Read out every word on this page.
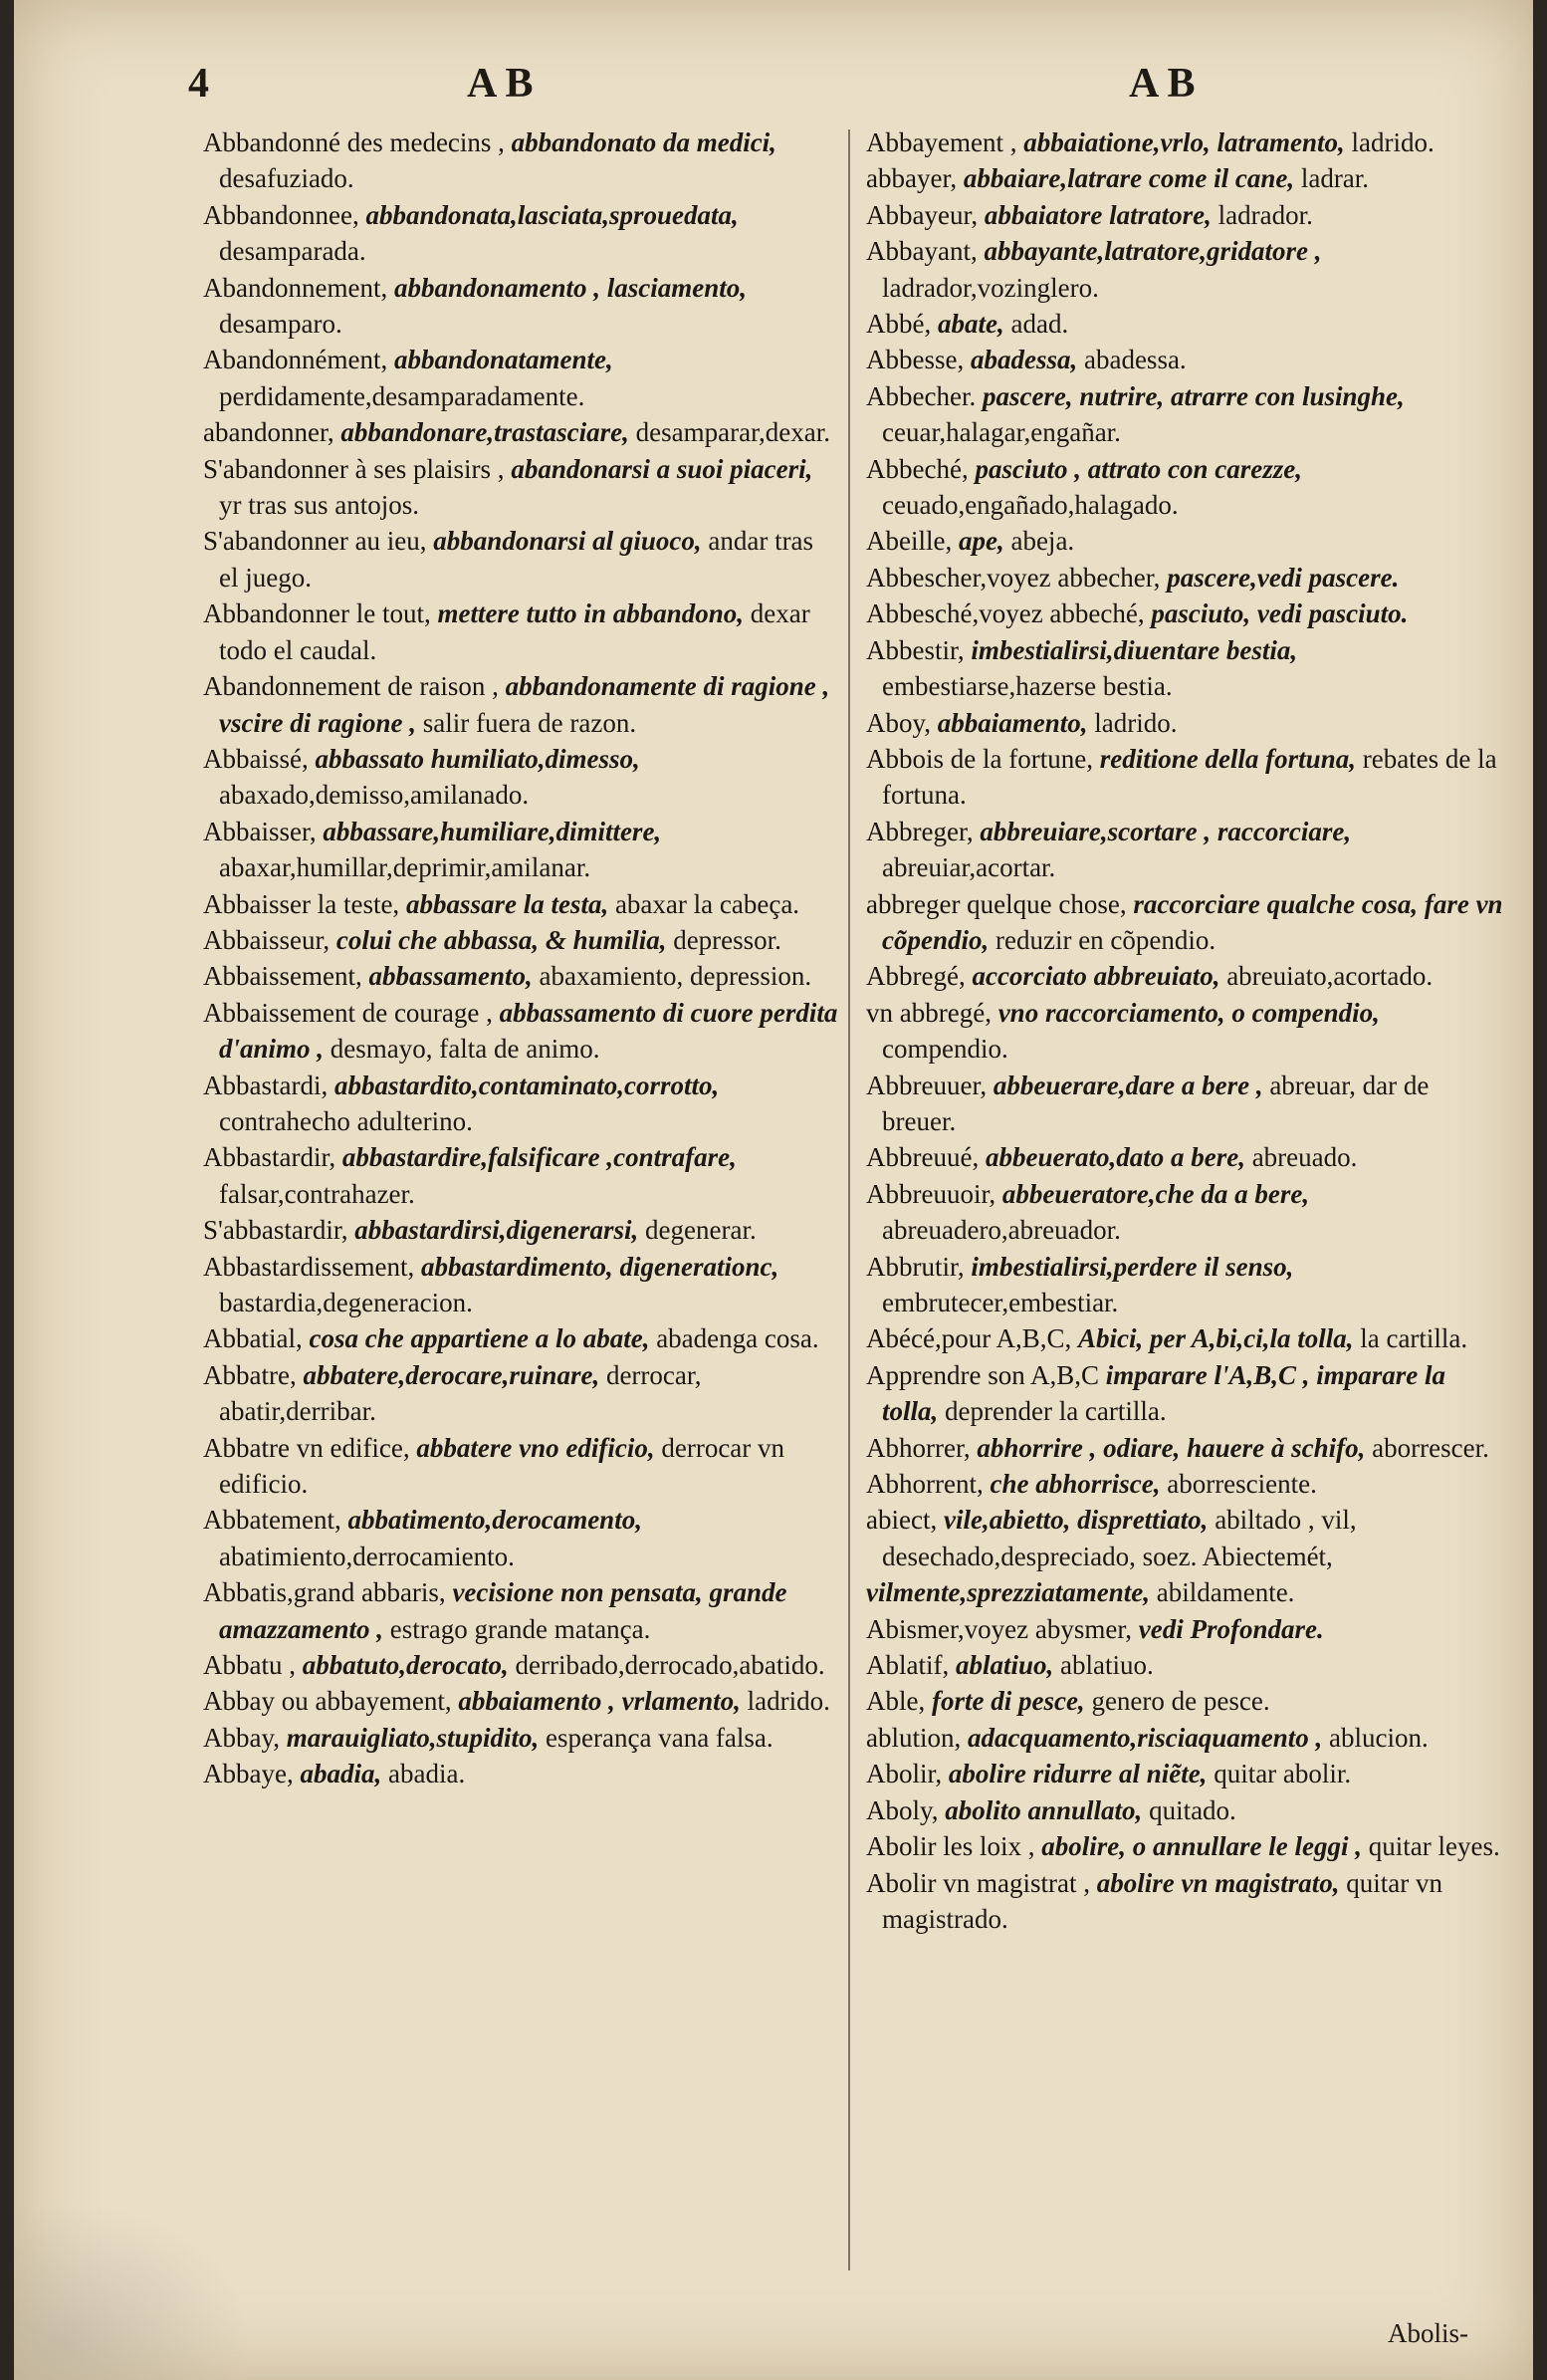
4	A B	A B

Abbandonné des medecins , abbandonato da medici, desafuziado.

Abbandonnee, abbandonata,lasciata,sprouedata, desamparada.

Abandonnement, abbandonamento , lasciamento, desamparo.

Abandonnément, abbandonatamente, perdidamente,desamparadamente.

abandonner, abbandonare,trastasciare, desamparar,dexar.

S'abandonner à ses plaisirs , abandonarsi a suoi piaceri, yr tras sus antojos.

S'abandonner au ieu, abbandonarsi al giuoco, andar tras el juego.

Abbandonner le tout, mettere tutto in abbandono, dexar todo el caudal.

Abandonnement de raison , abbandonamente di ragione , vscire di ragione , salir fuera de razon.

Abbaissé, abbassato humiliato,dimesso, abaxado,demisso,amilanado.

Abbaisser, abbassare,humiliare,dimittere, abaxar,humillar,deprimir,amilanar.

Abbaisser la teste, abbassare la testa, abaxar la cabeça.

Abbaisseur, colui che abbassa, & humilia, depressor.

Abbaissement, abbassamento, abaxamiento, depression.

Abbaissement de courage , abbassamento di cuore perdita d'animo , desmayo, falta de animo.

Abbastardi, abbastardito,contaminato,corrotto, contrahecho adulterino.

Abbastardir, abbastardire,falsificare ,contrafare, falsar,contrahazer.

S'abbastardir, abbastardirsi,digenerarsi, degenerar.

Abbastardissement, abbastardimento, digenerationc, bastardia,degeneracion.

Abbatial, cosa che appartiene a lo abate, abadenga cosa.

Abbatre, abbatere,derocare,ruinare, derrocar, abatir,derribar.

Abbatre vn edifice, abbatere vno edificio, derrocar vn edificio.

Abbatement, abbatimento,derocamento, abatimiento,derrocamiento.

Abbatis,grand abbaris, vecisione non pensata, grande amazzamento , estrago grande matança.

Abbatu , abbatuto,derocato, derribado,derrocado,abatido.

Abbay ou abbayement, abbaiamento , vrlamento, ladrido.

Abbay, marauigliato,stupidito, esperança vana falsa.

Abbaye, abadia, abadia.

Abbayement , abbaiatione,vrlo, latramento, ladrido.

abbayer, abbaiare,latrare come il cane, ladrar.

Abbayeur, abbaiatore latratore, ladrador.

Abbayant, abbayante,latratore,gridatore , ladrador,vozinglero.

Abbé, abate, adad.

Abbesse, abadessa, abadessa.

Abbecher. pascere, nutrire, atrarre con lusinghe, ceuar,halagar,engañar.

Abbeché, pasciuto , attrato con carezze, ceuado,engañado,halagado.

Abeille, ape, abeja.

Abbescher,voyez abbecher, pascere,vedi pascere.

Abbesché,voyez abbeché, pasciuto, vedi pasciuto.

Abbestir, imbestialirsi,diuentare bestia, embestiarse,hazerse bestia.

Aboy, abbaiamento, ladrido.

Abbois de la fortune, reditione della fortuna, rebates de la fortuna.

Abbreger, abbreuiare,scortare , raccorciare, abreuiar,acortar.

abbreger quelque chose, raccorciare qualche cosa, fare vn cõpendio, reduzir en cõpendio.

Abbregé, accorciato abbreuiato, abreuiato,acortado.

vn abbregé, vno raccorciamento, o compendio, compendio.

Abbreuuer, abbeuerare,dare a bere , abreuar, dar de breuer.

Abbreuué, abbeuerato,dato a bere, abreuado.

Abbreuuoir, abbeueratore,che da a bere, abreuadero,abreuador.

Abbrutir, imbestialirsi,perdere il senso, embrutecer,embestiar.

Abécé,pour A,B,C, Abici, per A,bi,ci,la tolla, la cartilla.

Apprendre son A,B,C imparare l'A,B,C , imparare la tolla, deprender la cartilla.

Abhorrer, abhorrire , odiare, hauere à schifo, aborrescer.

Abhorrent, che abhorrisce, aborresciente.

abiect, vile,abietto, disprettiato, abiltado , vil, desechado,despreciado, soez. Abiectemét,

vilmente,sprezziatamente, abildamente.

Abismer,voyez abysmer, vedi Profondare.

Ablatif, ablatiuo, ablatiuo.

Able, forte di pesce, genero de pesce.

ablution, adacquamento,risciaquamento , ablucion.

Abolir, abolire ridurre al niẽte, quitar abolir.

Aboly, abolito annullato, quitado.

Abolir les loix , abolire, o annullare le leggi , quitar leyes.

Abolir vn magistrat , abolire vn magistrato, quitar vn magistrado.

Abolis-
